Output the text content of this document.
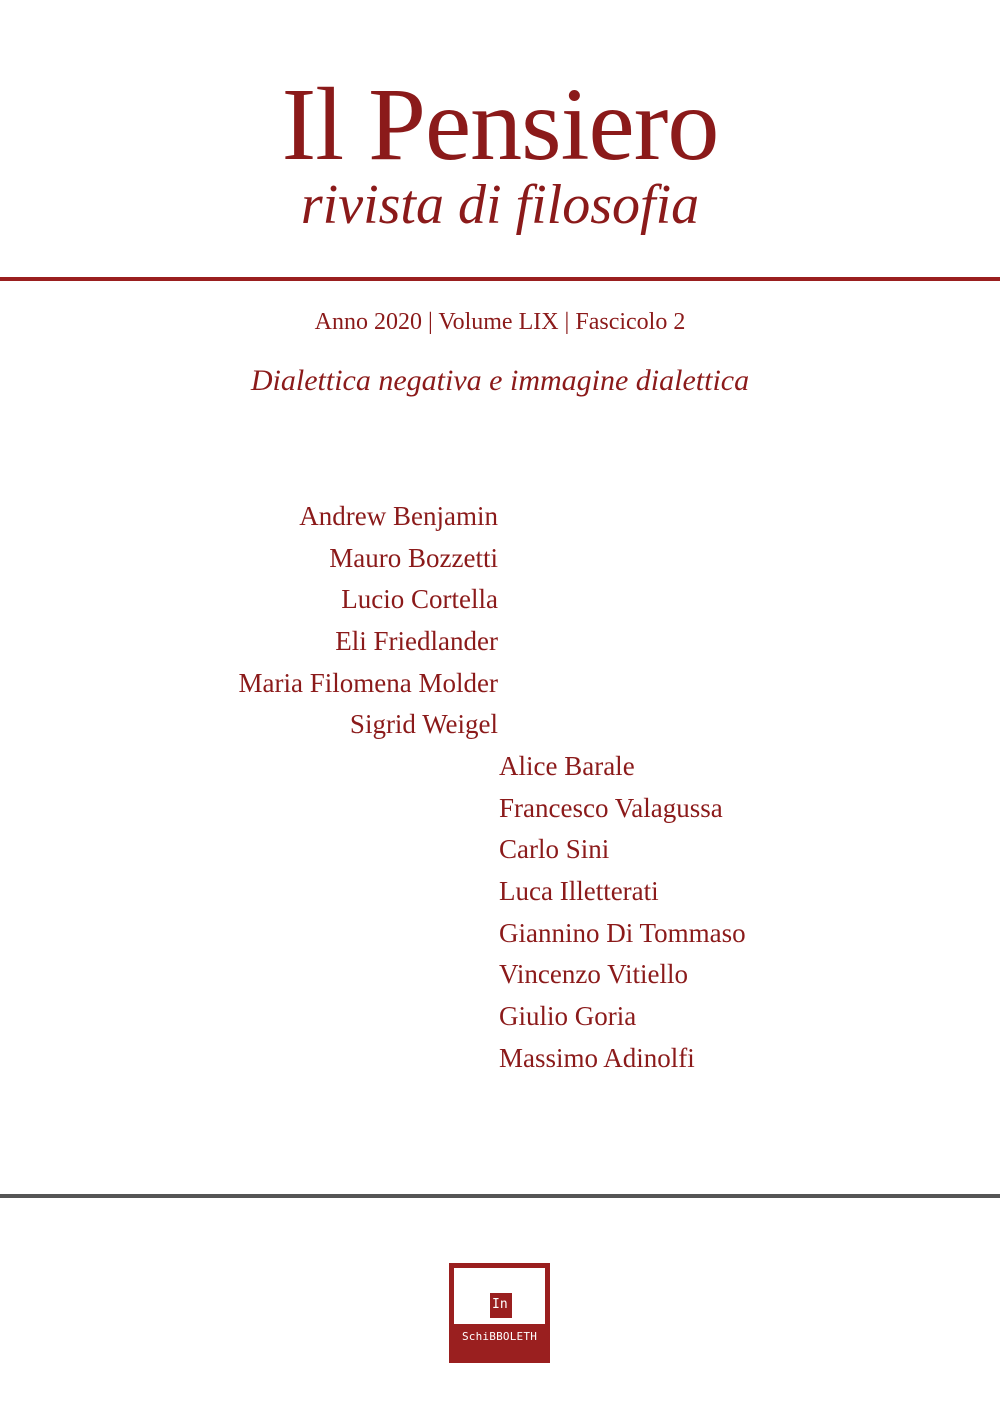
Il Pensiero
rivista di filosofia
Anno 2020 | Volume LIX | Fascicolo 2
Dialettica negativa e immagine dialettica
Andrew Benjamin
Mauro Bozzetti
Lucio Cortella
Eli Friedlander
Maria Filomena Molder
Sigrid Weigel
Alice Barale
Francesco Valagussa
Carlo Sini
Luca Illetterati
Giannino Di Tommaso
Vincenzo Vitiello
Giulio Goria
Massimo Adinolfi
In
SchiBBOLETH
